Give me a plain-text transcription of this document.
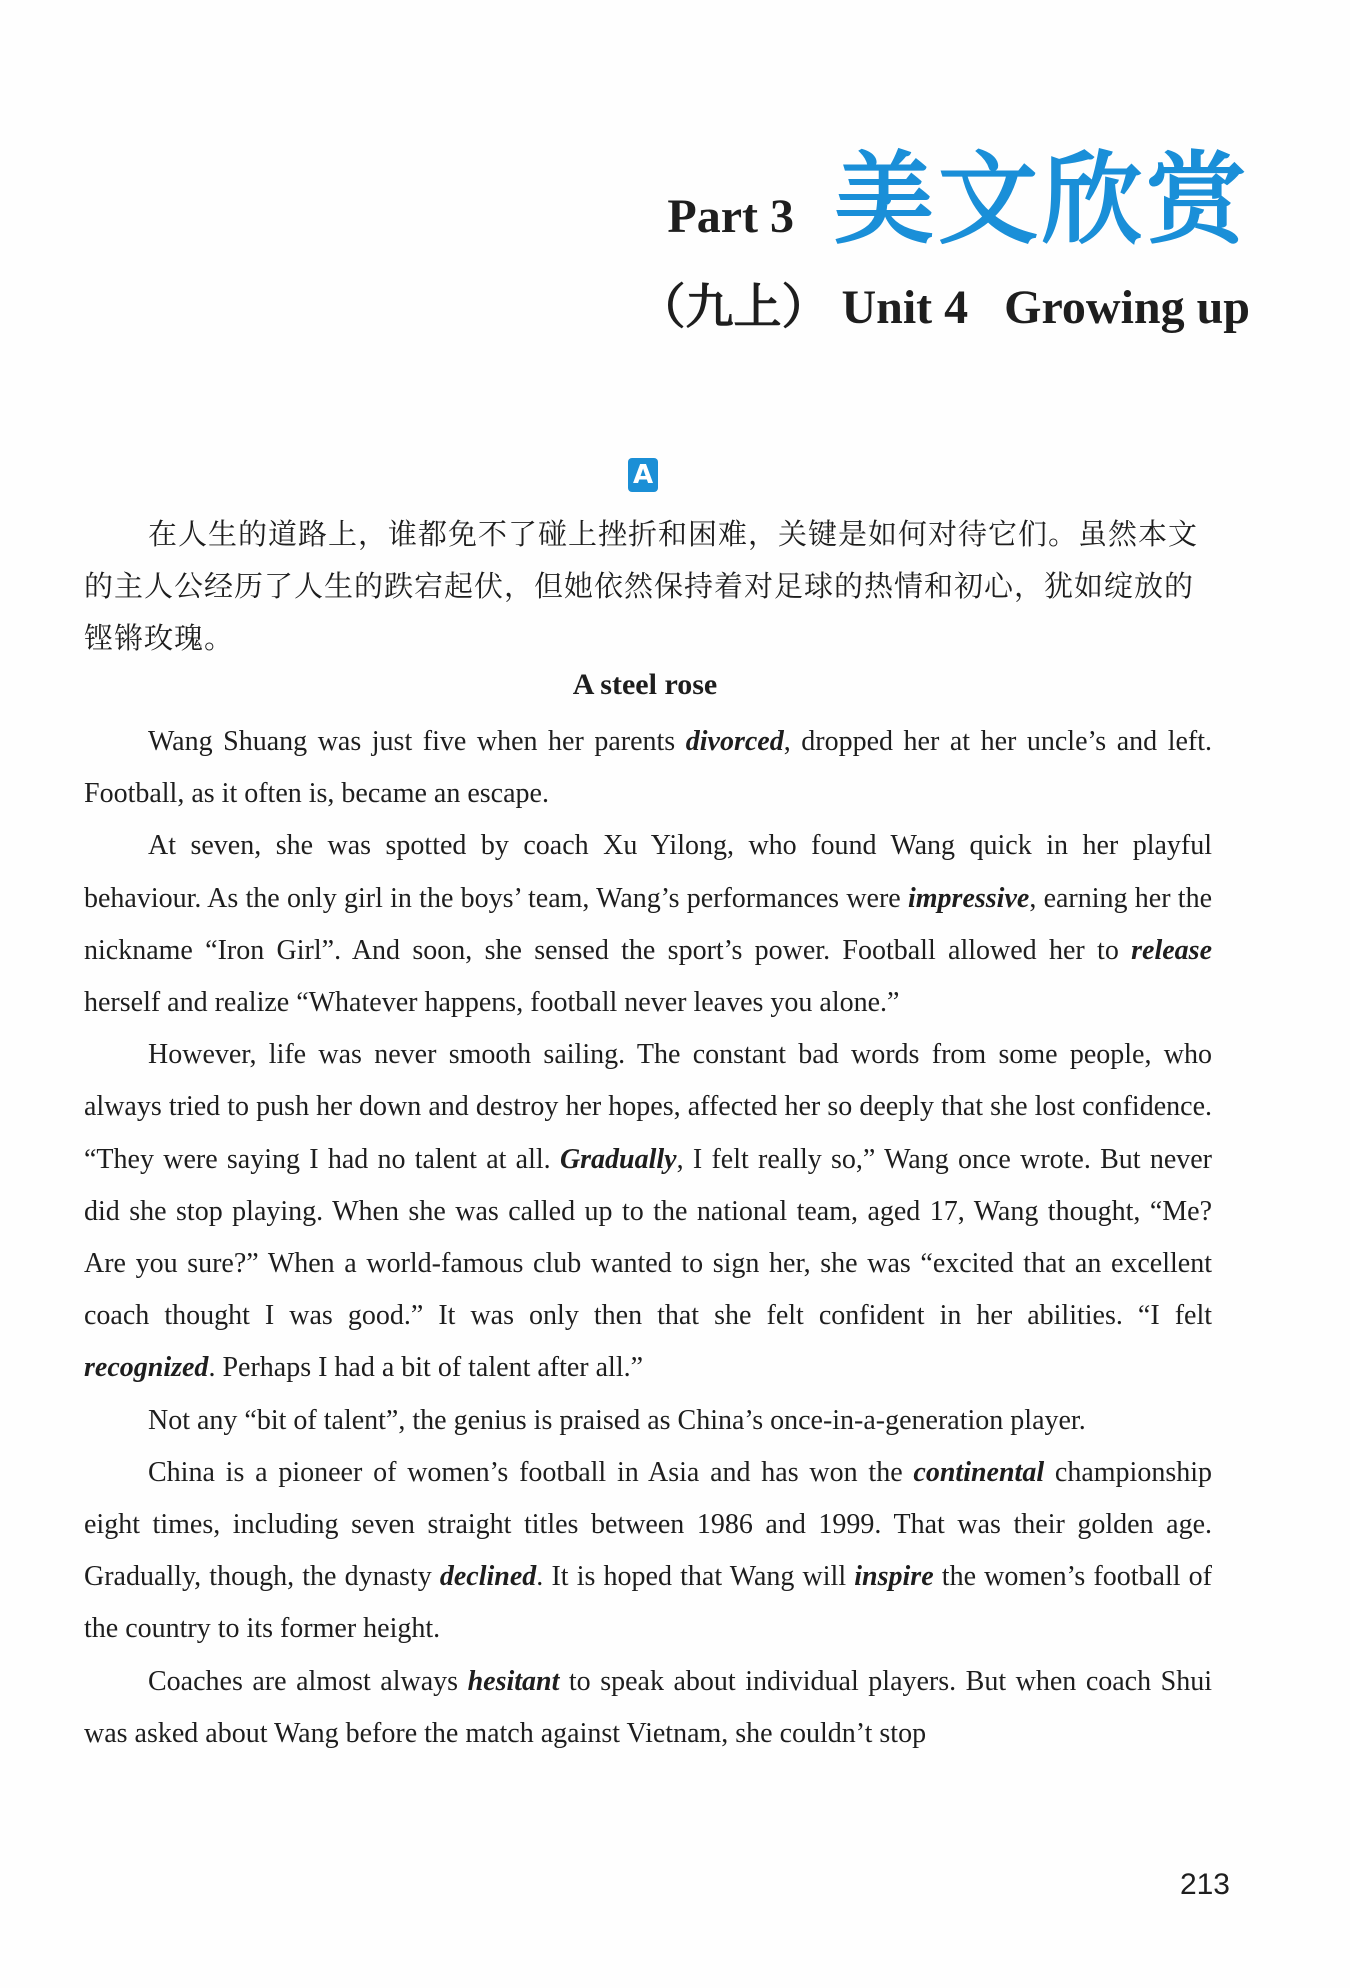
Part 3 美文欣赏
（九上） Unit 4   Growing up
A

在人生的道路上，谁都免不了碰上挫折和困难，关键是如何对待它们。虽然本文的主人公经历了人生的跌宕起伏，但她依然保持着对足球的热情和初心，犹如绽放的铿锵玫瑰。

A steel rose

Wang Shuang was just five when her parents divorced, dropped her at her uncle’s and left. Football, as it often is, became an escape.

At seven, she was spotted by coach Xu Yilong, who found Wang quick in her playful behaviour. As the only girl in the boys’ team, Wang’s performances were impressive, earning her the nickname “Iron Girl”. And soon, she sensed the sport’s power. Football allowed her to release herself and realize “Whatever happens, football never leaves you alone.”

However, life was never smooth sailing. The constant bad words from some people, who always tried to push her down and destroy her hopes, affected her so deeply that she lost confidence. “They were saying I had no talent at all. Gradually, I felt really so,” Wang once wrote. But never did she stop playing. When she was called up to the national team, aged 17, Wang thought, “Me? Are you sure?” When a world-famous club wanted to sign her, she was “excited that an excellent coach thought I was good.” It was only then that she felt confident in her abilities. “I felt recognized. Perhaps I had a bit of talent after all.”

Not any “bit of talent”, the genius is praised as China’s once-in-a-generation player.

China is a pioneer of women’s football in Asia and has won the continental championship eight times, including seven straight titles between 1986 and 1999. That was their golden age. Gradually, though, the dynasty declined. It is hoped that Wang will inspire the women’s football of the country to its former height.

Coaches are almost always hesitant to speak about individual players. But when coach Shui was asked about Wang before the match against Vietnam, she couldn’t stop

213
